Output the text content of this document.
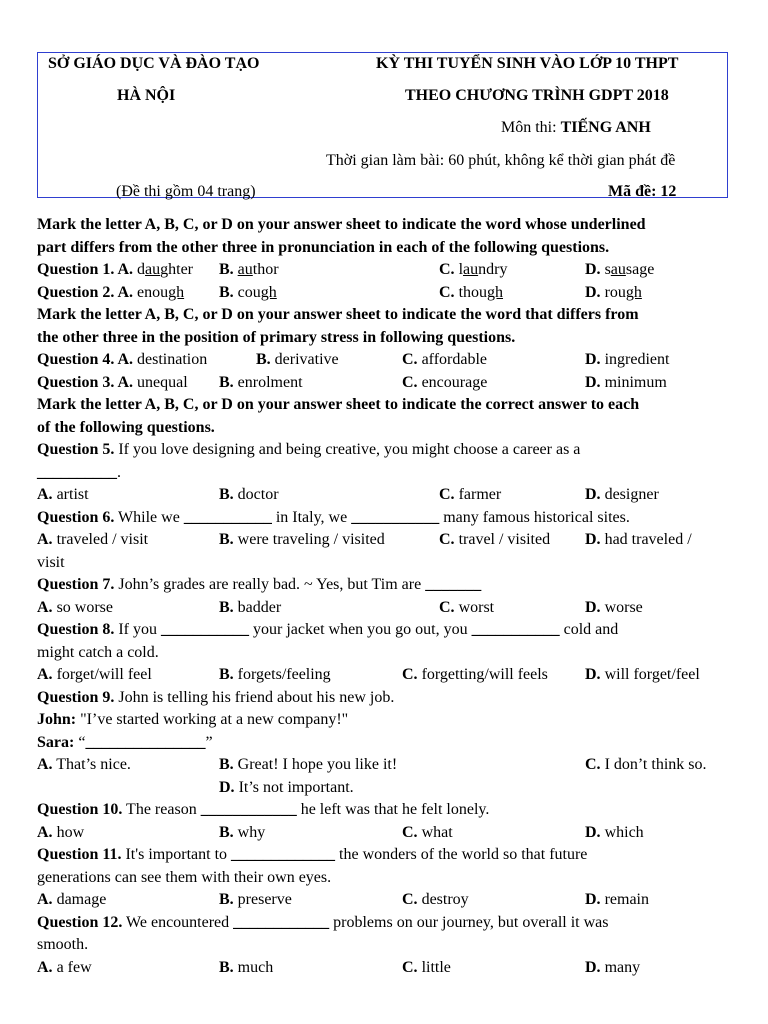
SỞ GIÁO DỤC VÀ ĐÀO TẠO
HÀ NỘI
KỲ THI TUYỂN SINH VÀO LỚP 10 THPT
THEO CHƯƠNG TRÌNH GDPT 2018
Môn thi: TIẾNG ANH
Thời gian làm bài: 60 phút, không kể thời gian phát đề
(Đề thi gồm 04 trang)	Mã đề: 12
Mark the letter A, B, C, or D on your answer sheet to indicate the word whose underlined
part differs from the other three in pronunciation in each of the following questions.
Question 1. A. daughter B. author	C. laundry	D. sausage
Question 2. A. enough B. cough	C. though	D. rough
Mark the letter A, B, C, or D on your answer sheet to indicate the word that differs from
the other three in the position of primary stress in following questions.
Question 4. A. destination	B. derivative	C. affordable	D. ingredient
Question 3. A. unequal B. enrolment	C. encourage	D. minimum
Mark the letter A, B, C, or D on your answer sheet to indicate the correct answer to each
of the following questions.
Question 5. If you love designing and being creative, you might choose a career as a
__________.
A. artist	B. doctor	C. farmer	D. designer
Question 6. While we ___________ in Italy, we ___________ many famous historical sites.
A. traveled / visit	B. were traveling / visited	C. travel / visited D. had traveled /
visit
Question 7. John’s grades are really bad. ~ Yes, but Tim are _______
A. so worse	B. badder	C. worst	D. worse
Question 8. If you ___________ your jacket when you go out, you ___________ cold and
might catch a cold.
A. forget/will feel	B. forgets/feeling	C. forgetting/will feels D. will forget/feel
Question 9. John is telling his friend about his new job.
John: "I’ve started working at a new company!"
Sara: “_______________”
A. That’s nice.	B. Great! I hope you like it!	C. I don’t think so.
D. It’s not important.
Question 10. The reason ____________ he left was that he felt lonely.
A. how	B. why	C. what	D. which
Question 11. It's important to _____________ the wonders of the world so that future
generations can see them with their own eyes.
A. damage	B. preserve	C. destroy	D. remain
Question 12. We encountered ____________ problems on our journey, but overall it was
smooth.
A. a few	B. much	C. little	D. many
